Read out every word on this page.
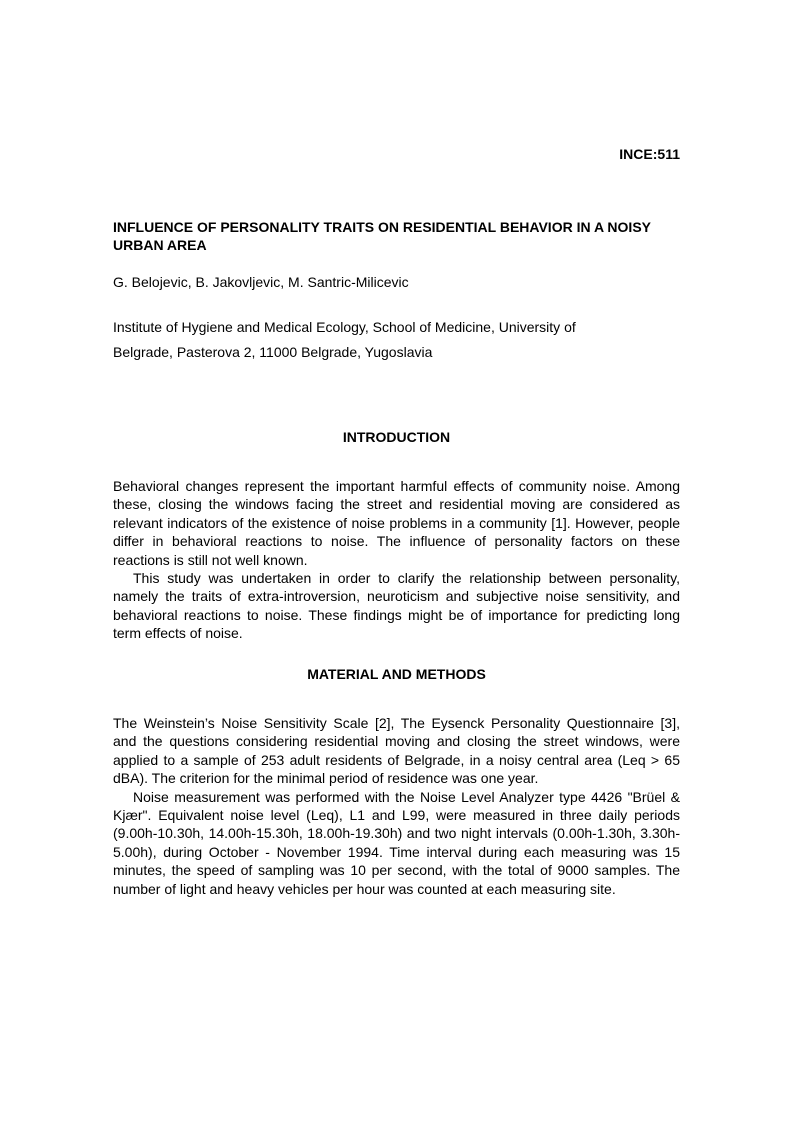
INCE:511
INFLUENCE OF PERSONALITY TRAITS ON RESIDENTIAL BEHAVIOR IN A NOISY URBAN AREA

G. Belojevic, B. Jakovljevic, M. Santric-Milicevic

Institute of Hygiene and Medical Ecology, School of Medicine, University of
Belgrade, Pasterova 2, 11000 Belgrade, Yugoslavia
INTRODUCTION

Behavioral changes represent the important harmful effects of community noise. Among these, closing the windows facing the street and residential moving are considered as relevant indicators of the existence of noise problems in a community [1]. However, people differ in behavioral reactions to noise. The influence of personality factors on these reactions is still not well known.

This study was undertaken in order to clarify the relationship between personality, namely the traits of extra-introversion, neuroticism and subjective noise sensitivity, and behavioral reactions to noise. These findings might be of importance for predicting long term effects of noise.

MATERIAL AND METHODS

The Weinstein’s Noise Sensitivity Scale [2], The Eysenck Personality Questionnaire [3], and the questions considering residential moving and closing the street windows, were applied to a sample of 253 adult residents of Belgrade, in a noisy central area (Leq > 65 dBA). The criterion for the minimal period of residence was one year.

Noise measurement was performed with the Noise Level Analyzer type 4426 "Brüel & Kjær". Equivalent noise level (Leq), L1 and L99, were measured in three daily periods (9.00h-10.30h, 14.00h-15.30h, 18.00h-19.30h) and two night intervals (0.00h-1.30h, 3.30h-5.00h), during October - November 1994. Time interval during each measuring was 15 minutes, the speed of sampling was 10 per second, with the total of 9000 samples. The number of light and heavy vehicles per hour was counted at each measuring site.
